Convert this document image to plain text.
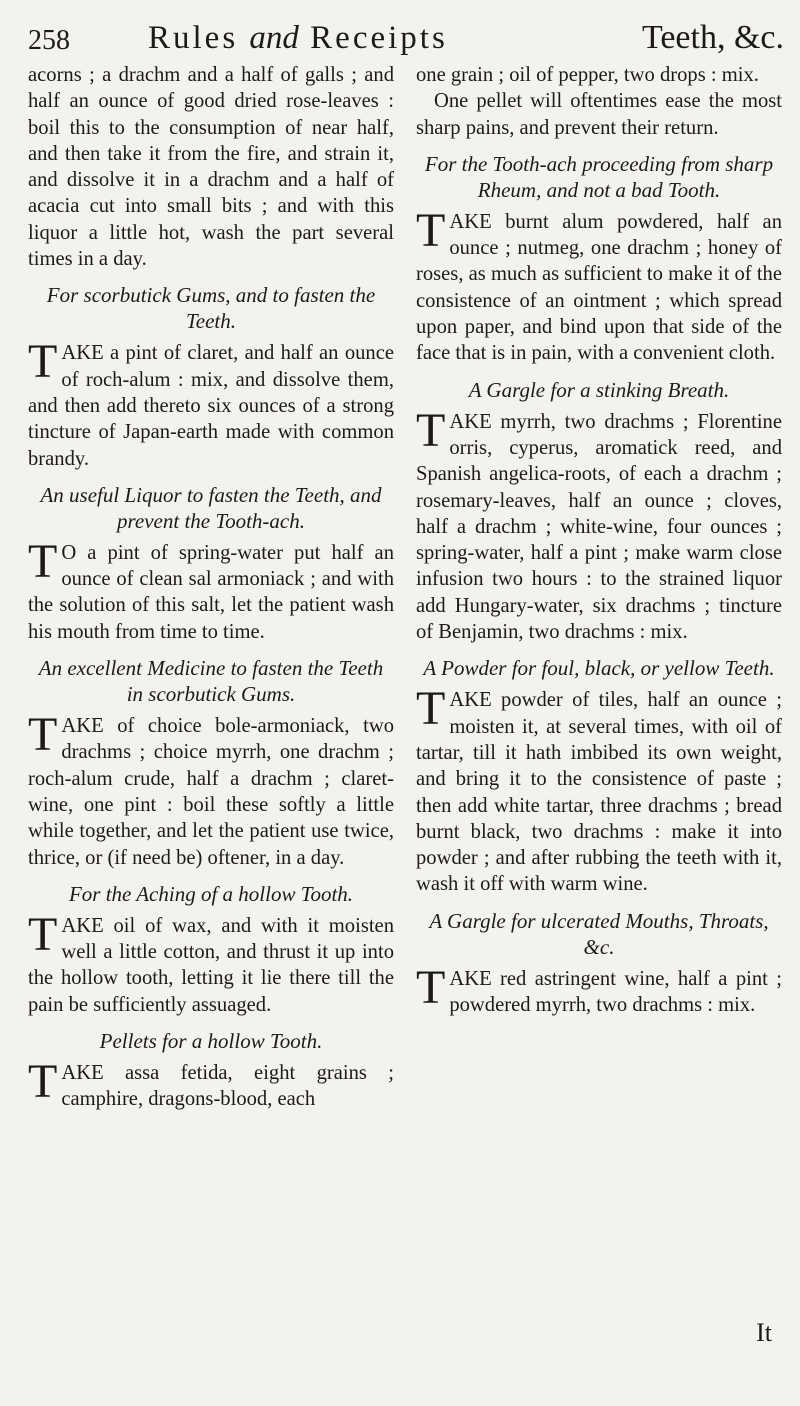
258 Rules and Receipts	Teeth, &c.

acorns ; a drachm and a half of galls ; and half an ounce of good dried rose-leaves : boil this to the consumption of near half, and then take it from the fire, and strain it, and dissolve it in a drachm and a half of acacia cut into small bits ; and with this liquor a little hot, wash the part several times in a day.

For scorbutick Gums, and to fasten the Teeth.

TAKE a pint of claret, and half an ounce of roch-alum : mix, and dissolve them, and then add thereto six ounces of a strong tincture of Japan-earth made with common brandy.

An useful Liquor to fasten the Teeth, and prevent the Tooth-ach.

T O a pint of spring-water put half an ounce of clean sal armoniack ; and with the solution of this salt, let the patient wash his mouth from time to time.

An excellent Medicine to fasten the Teeth in scorbutick Gums.

TAKE of choice bole-armoniack, two drachms ; choice myrrh, one drachm ; roch-alum crude, half a drachm ; claret-wine, one pint : boil these softly a little while together, and let the patient use twice, thrice, or (if need be) oftener, in a day.

For the Aching of a hollow Tooth.

TAKE oil of wax, and with it moisten well a little cotton, and thrust it up into the hollow tooth, letting it lie there till the pain be sufficiently assuaged.

Pellets for a hollow Tooth.

TAKE assa fetida, eight grains ; camphire, dragons-blood, each

one grain ; oil of pepper, two drops : mix.

One pellet will oftentimes ease the most sharp pains, and prevent their return.

For the Tooth-ach proceeding from sharp Rheum, and not a bad Tooth.

TAKE burnt alum powdered, half an ounce ; nutmeg, one drachm ; honey of roses, as much as sufficient to make it of the consistence of an ointment ; which spread upon paper, and bind upon that side of the face that is in pain, with a convenient cloth.

A Gargle for a stinking Breath.

TAKE myrrh, two drachms ; Florentine orris, cyperus, aromatick reed, and Spanish angelica-roots, of each a drachm ; rosemary-leaves, half an ounce ; cloves, half a drachm ; white-wine, four ounces ; spring-water, half a pint ; make warm close infusion two hours : to the strained liquor add Hungary-water, six drachms ; tincture of Benjamin, two drachms : mix.

A Powder for foul, black, or yellow Teeth.

TAKE powder of tiles, half an ounce ; moisten it, at several times, with oil of tartar, till it hath imbibed its own weight, and bring it to the consistence of paste ; then add white tartar, three drachms ; bread burnt black, two drachms : make it into powder ; and after rubbing the teeth with it, wash it off with warm wine.

A Gargle for ulcerated Mouths, Throats, &c.

TAKE red astringent wine, half a pint ; powdered myrrh, two drachms : mix.

It
